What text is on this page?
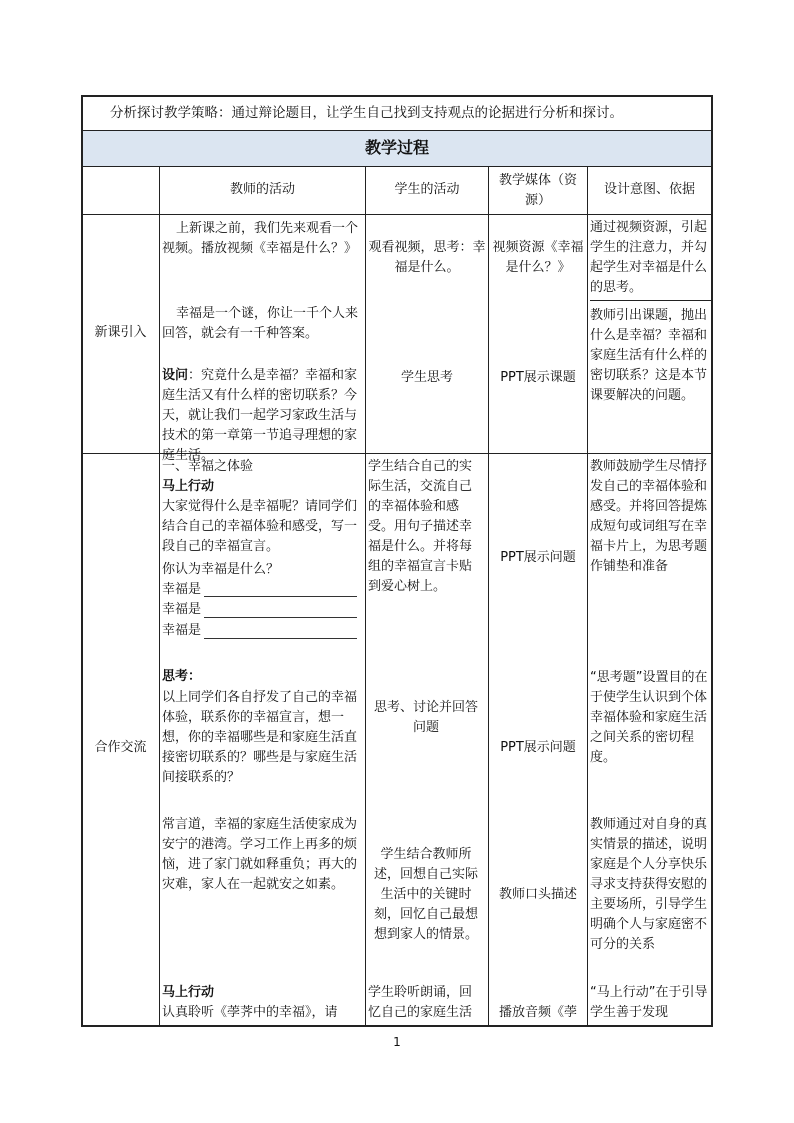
分析探讨教学策略：通过辩论题目，让学生自己找到支持观点的论据进行分析和探讨。
教学过程
教师的活动	学生的活动
教学媒体（资源）
设计意图、依据
新课引入
上新课之前，我们先来观看一个视频。播放视频《幸福是什么？》
幸福是一个谜，你让一千个人来回答，就会有一千种答案。

设问：究竟什么是幸福？幸福和家庭生活又有什么样的密切联系？今天，就让我们一起学习家政生活与技术的第一章第一节追寻理想的家庭生活。

观看视频，思考：幸福是什么。
学生思考
视频资源《幸福是什么？》
PPT展示课题
通过视频资源，引起学生的注意力，并勾起学生对幸福是什么的思考。
教师引出课题，抛出什么是幸福？幸福和家庭生活有什么样的密切联系？这是本节课要解决的问题。
合作交流
一、幸福之体验
马上行动
大家觉得什么是幸福呢？请同学们结合自己的幸福体验和感受，写一段自己的幸福宣言。
你认为幸福是什么？
幸福是
幸福是
幸福是
思考：
以上同学们各自抒发了自己的幸福体验，联系你的幸福宣言，想一想，你的幸福哪些是和家庭生活直接密切联系的？哪些是与家庭生活间接联系的？
常言道，幸福的家庭生活使家成为安宁的港湾。学习工作上再多的烦恼，进了家门就如释重负；再大的灾难，家人在一起就安之如素。
马上行动
认真聆听《荸荠中的幸福》，请
学生结合自己的实际生活，交流自己的幸福体验和感受。用句子描述幸福是什么。并将每组的幸福宣言卡贴到爱心树上。
思考、讨论并回答问题
学生结合教师所述，回想自己实际生活中的关键时刻，回忆自己最想想到家人的情景。
学生聆听朗诵，回忆自己的家庭生活
PPT展示问题
PPT展示问题
教师口头描述
播放音频《荸
教师鼓励学生尽情抒发自己的幸福体验和感受。并将回答提炼成短句或词组写在幸福卡片上，为思考题作铺垫和准备
“思考题”设置目的在于使学生认识到个体幸福体验和家庭生活之间关系的密切程度。
教师通过对自身的真实情景的描述，说明家庭是个人分享快乐寻求支持获得安慰的主要场所，引导学生明确个人与家庭密不可分的关系
“马上行动”在于引导学生善于发现
1
